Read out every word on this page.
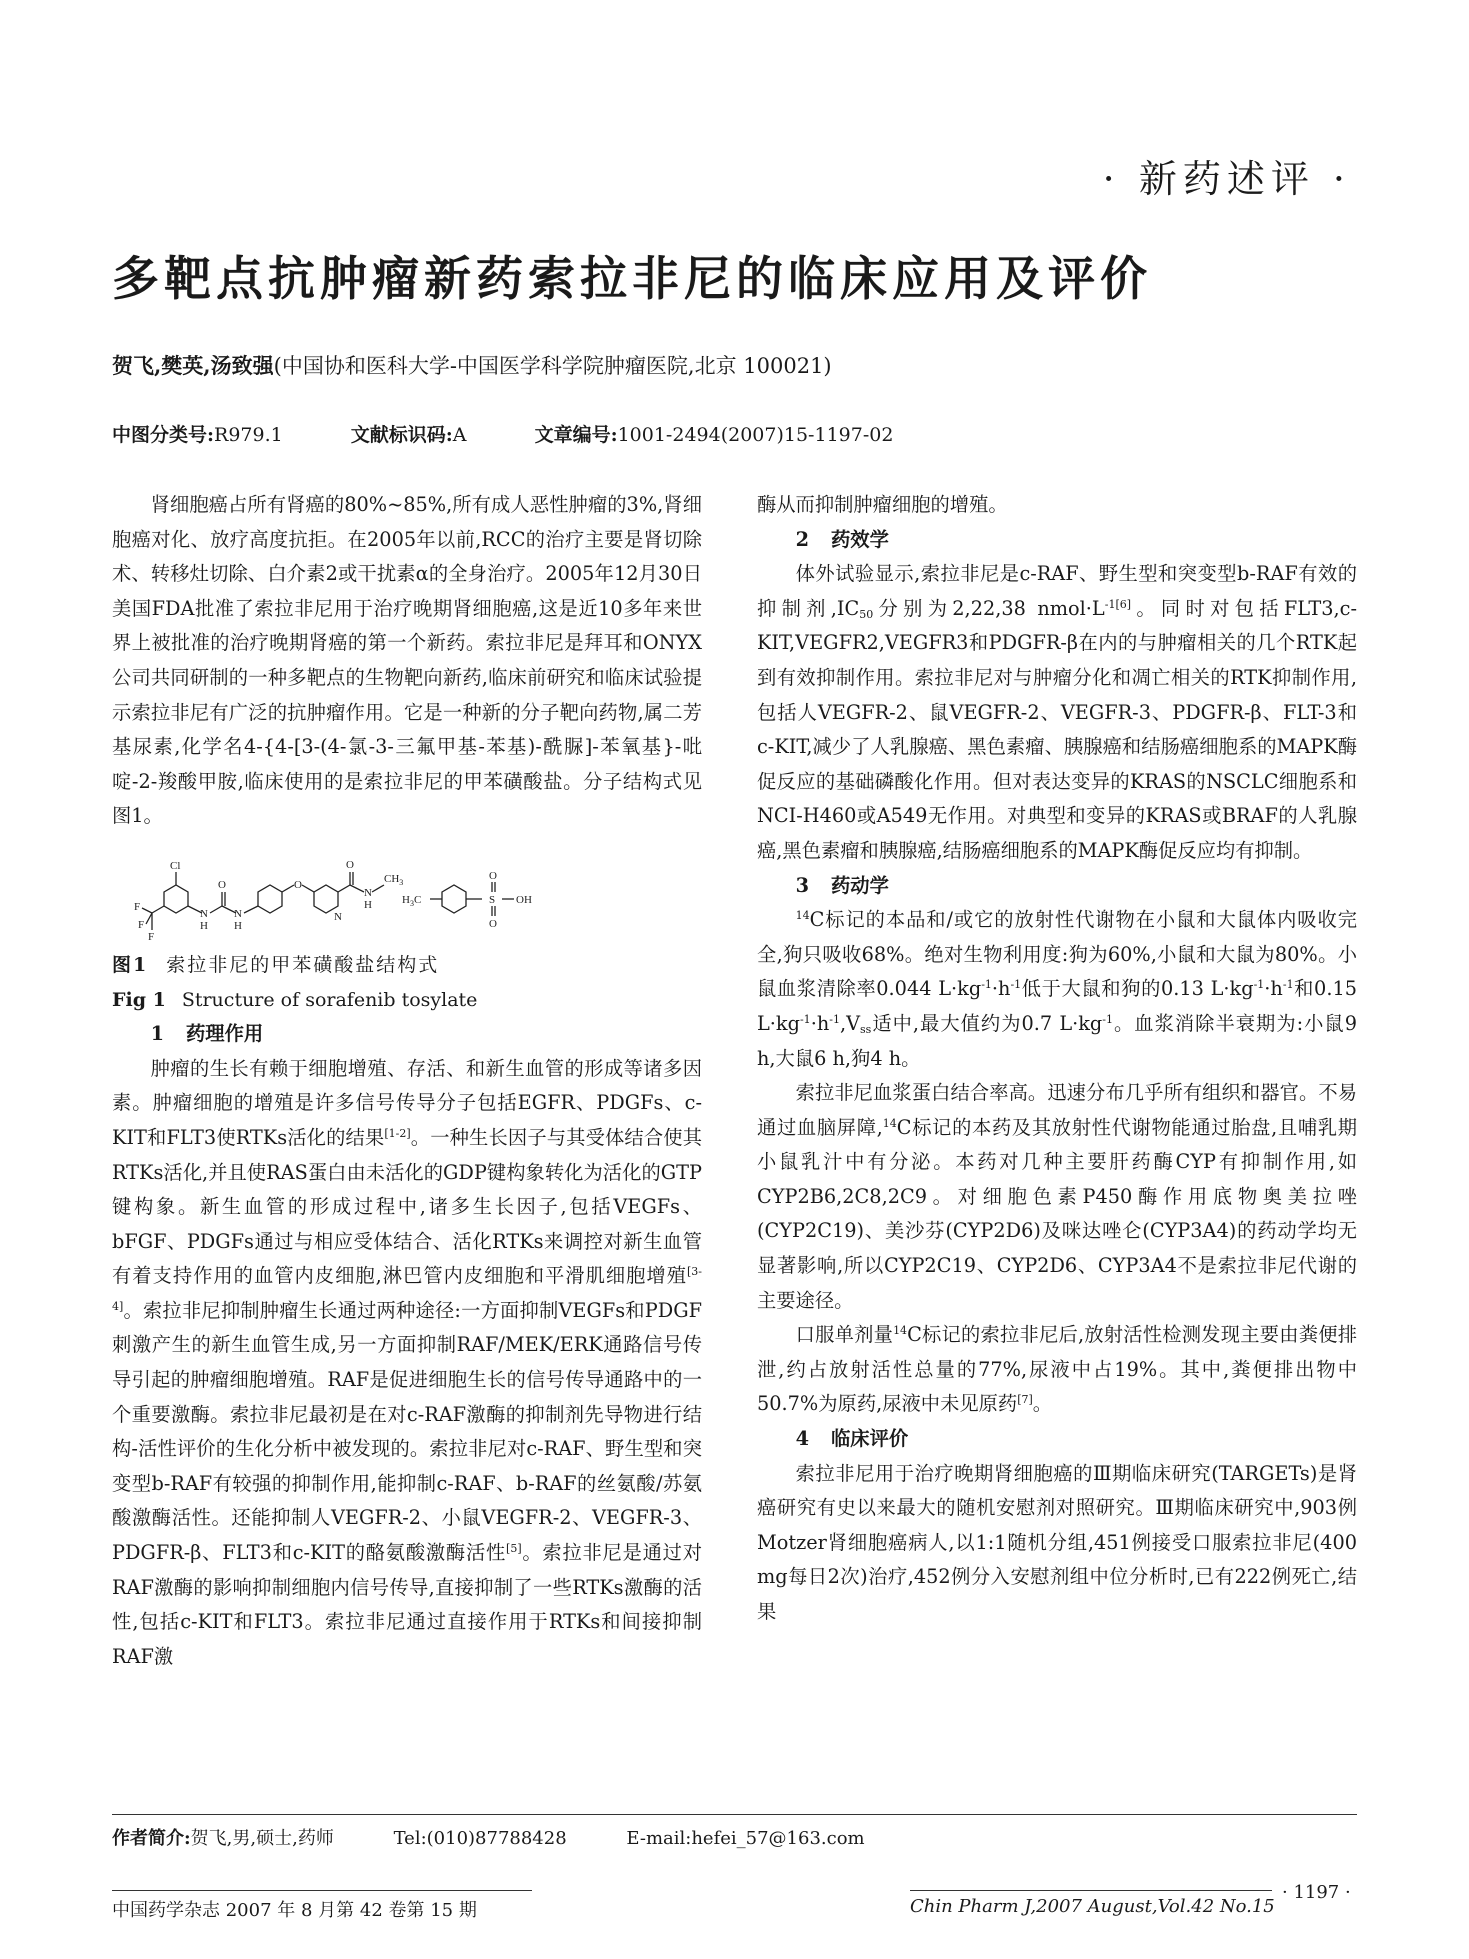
· 新药述评 ·
多靶点抗肿瘤新药索拉非尼的临床应用及评价
贺飞,樊英,汤致强(中国协和医科大学-中国医学科学院肿瘤医院,北京 100021)
中图分类号:R979.1	文献标识码:A	文章编号:1001-2494(2007)15-1197-02

肾细胞癌占所有肾癌的80%~85%,所有成人恶性肿瘤的3%,肾细胞癌对化、放疗高度抗拒。在2005年以前,RCC的治疗主要是肾切除术、转移灶切除、白介素2或干扰素α的全身治疗。2005年12月30日美国FDA批准了索拉非尼用于治疗晚期肾细胞癌,这是近10多年来世界上被批准的治疗晚期肾癌的第一个新药。索拉非尼是拜耳和ONYX公司共同研制的一种多靶点的生物靶向新药,临床前研究和临床试验提示索拉非尼有广泛的抗肿瘤作用。它是一种新的分子靶向药物,属二芳基尿素,化学名4-{4-[3-(4-氯-3-三氟甲基-苯基)-酰脲]-苯氧基}-吡啶-2-羧酸甲胺,临床使用的是索拉非尼的甲苯磺酸盐。分子结构式见图1。

Cl
F
F
F
N
H
O
N
H
O
N
O
N
H
$CH_3$
$H_3C$	S
O
O
OH

图1 索拉非尼的甲苯磺酸盐结构式

Fig 1 Structure of sorafenib tosylate

1 药理作用

肿瘤的生长有赖于细胞增殖、存活、和新生血管的形成等诸多因素。肿瘤细胞的增殖是许多信号传导分子包括EGFR、PDGFs、c-KIT和FLT3使RTKs活化的结果[1-2]。一种生长因子与其受体结合使其RTKs活化,并且使RAS蛋白由未活化的GDP键构象转化为活化的GTP键构象。新生血管的形成过程中,诸多生长因子,包括VEGFs、bFGF、PDGFs通过与相应受体结合、活化RTKs来调控对新生血管有着支持作用的血管内皮细胞,淋巴管内皮细胞和平滑肌细胞增殖[3-4]。索拉非尼抑制肿瘤生长通过两种途径:一方面抑制VEGFs和PDGF刺激产生的新生血管生成,另一方面抑制RAF/MEK/ERK通路信号传导引起的肿瘤细胞增殖。RAF是促进细胞生长的信号传导通路中的一个重要激酶。索拉非尼最初是在对c-RAF激酶的抑制剂先导物进行结构-活性评价的生化分析中被发现的。索拉非尼对c-RAF、野生型和突变型b-RAF有较强的抑制作用,能抑制c-RAF、b-RAF的丝氨酸/苏氨酸激酶活性。还能抑制人VEGFR-2、小鼠VEGFR-2、VEGFR-3、PDGFR-β、FLT3和c-KIT的酪氨酸激酶活性[5]。索拉非尼是通过对RAF激酶的影响抑制细胞内信号传导,直接抑制了一些RTKs激酶的活性,包括c-KIT和FLT3。索拉非尼通过直接作用于RTKs和间接抑制RAF激

酶从而抑制肿瘤细胞的增殖。

2 药效学

体外试验显示,索拉非尼是c-RAF、野生型和突变型b-RAF有效的抑制剂$,IC_{50}$分别为2,22,38 $nmol\cdot L^{-1[6]}$。同时对包括FLT3,c-KIT,VEGFR2,VEGFR3和PDGFR-β在内的与肿瘤相关的几个RTK起到有效抑制作用。索拉非尼对与肿瘤分化和凋亡相关的RTK抑制作用,包括人VEGFR-2、鼠VEGFR-2、VEGFR-3、PDGFR-β、FLT-3和c-KIT,减少了人乳腺癌、黑色素瘤、胰腺癌和结肠癌细胞系的MAPK酶促反应的基础磷酸化作用。但对表达变异的KRAS的NSCLC细胞系和NCI-H460或A549无作用。对典型和变异的KRAS或BRAF的人乳腺癌,黑色素瘤和胰腺癌,结肠癌细胞系的MAPK酶促反应均有抑制。

3 药动学

$^{14}$C标记的本品和/或它的放射性代谢物在小鼠和大鼠体内吸收完全,狗只吸收68%。绝对生物利用度:狗为60%,小鼠和大鼠为80%。小鼠血浆清除率0.044 $L\cdot kg^{-1}\cdot h^{-1}$低于大鼠和狗的0.13 $L\cdot kg^{-1}\cdot h^{-1}$和0.15 $L\cdot kg^{-1}\cdot h^{-1},V_{ss}$适中,最大值约为0.7 $L\cdot kg^{-1}$。血浆消除半衰期为:小鼠9 h,大鼠6 h,狗4 h。

索拉非尼血浆蛋白结合率高。迅速分布几乎所有组织和器官。不易通过血脑屏障,$^{14}$C标记的本药及其放射性代谢物能通过胎盘,且哺乳期小鼠乳汁中有分泌。本药对几种主要肝药酶CYP有抑制作用,如CYP2B6,2C8,2C9。对细胞色素P450酶作用底物奥美拉唑(CYP2C19)、美沙芬(CYP2D6)及咪达唑仑(CYP3A4)的药动学均无显著影响,所以CYP2C19、CYP2D6、CYP3A4不是索拉非尼代谢的主要途径。

口服单剂量$^{14}$C标记的索拉非尼后,放射活性检测发现主要由粪便排泄,约占放射活性总量的77%,尿液中占19%。其中,粪便排出物中50.7%为原药,尿液中未见原药[7]。

4 临床评价

索拉非尼用于治疗晚期肾细胞癌的Ⅲ期临床研究(TARGETs)是肾癌研究有史以来最大的随机安慰剂对照研究。Ⅲ期临床研究中,903例Motzer肾细胞癌病人,以1:1随机分组,451例接受口服索拉非尼(400 mg每日2次)治疗,452例分入安慰剂组中位分析时,已有222例死亡,结果

作者简介:贺飞,男,硕士,药师	Tel:(010)87788428	E-mail:hefei_57@163.com
中国药学杂志 2007 年 8 月第 42 卷第 15 期	Chin Pharm J,2007 August,Vol.42 No.15
· 1197 ·
